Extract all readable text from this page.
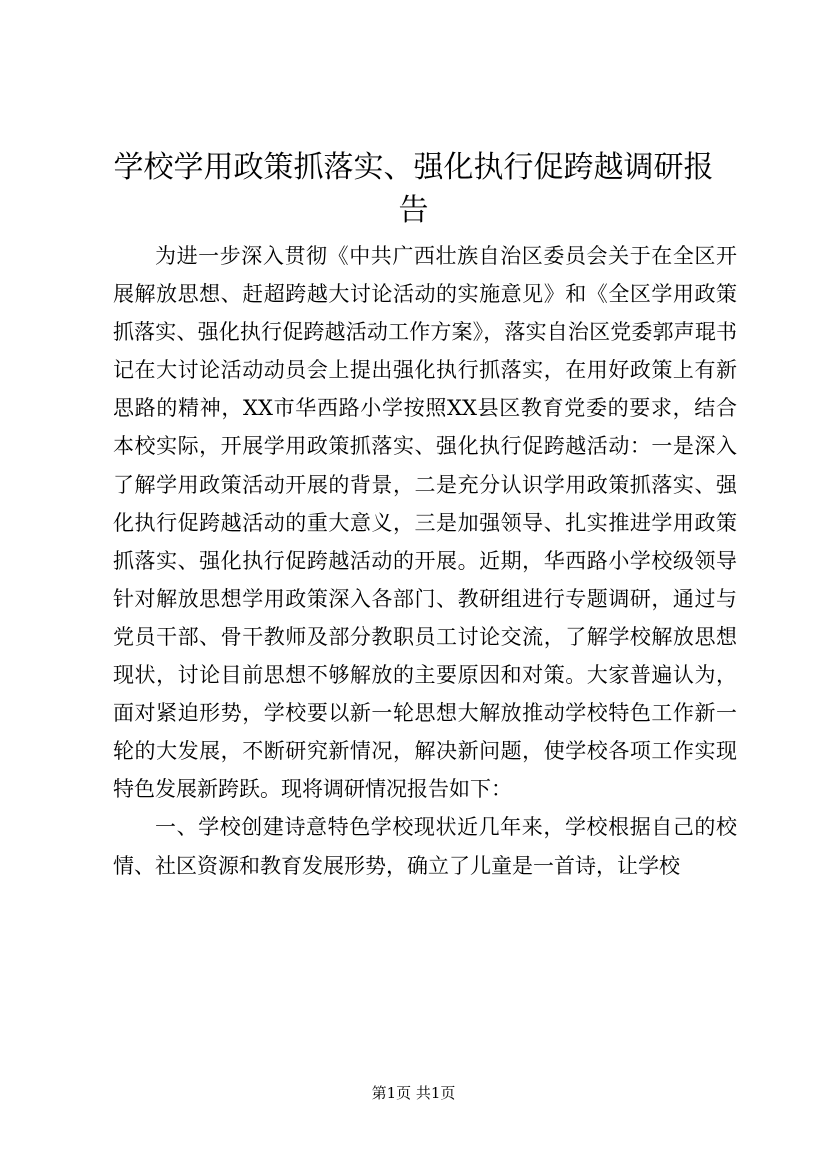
学校学用政策抓落实、强化执行促跨越调研报告

为进一步深入贯彻《中共广西壮族自治区委员会关于在全区开展解放思想、赶超跨越大讨论活动的实施意见》和《全区学用政策抓落实、强化执行促跨越活动工作方案》，落实自治区党委郭声琨书记在大讨论活动动员会上提出强化执行抓落实，在用好政策上有新思路的精神，XX市华西路小学按照XX县区教育党委的要求，结合本校实际，开展学用政策抓落实、强化执行促跨越活动：一是深入了解学用政策活动开展的背景，二是充分认识学用政策抓落实、强化执行促跨越活动的重大意义，三是加强领导、扎实推进学用政策抓落实、强化执行促跨越活动的开展。近期，华西路小学校级领导针对解放思想学用政策深入各部门、教研组进行专题调研，通过与党员干部、骨干教师及部分教职员工讨论交流，了解学校解放思想现状，讨论目前思想不够解放的主要原因和对策。大家普遍认为，面对紧迫形势，学校要以新一轮思想大解放推动学校特色工作新一轮的大发展，不断研究新情况，解决新问题，使学校各项工作实现特色发展新跨跃。现将调研情况报告如下：

一、学校创建诗意特色学校现状近几年来，学校根据自己的校情、社区资源和教育发展形势，确立了儿童是一首诗，让学校

第1页 共1页
